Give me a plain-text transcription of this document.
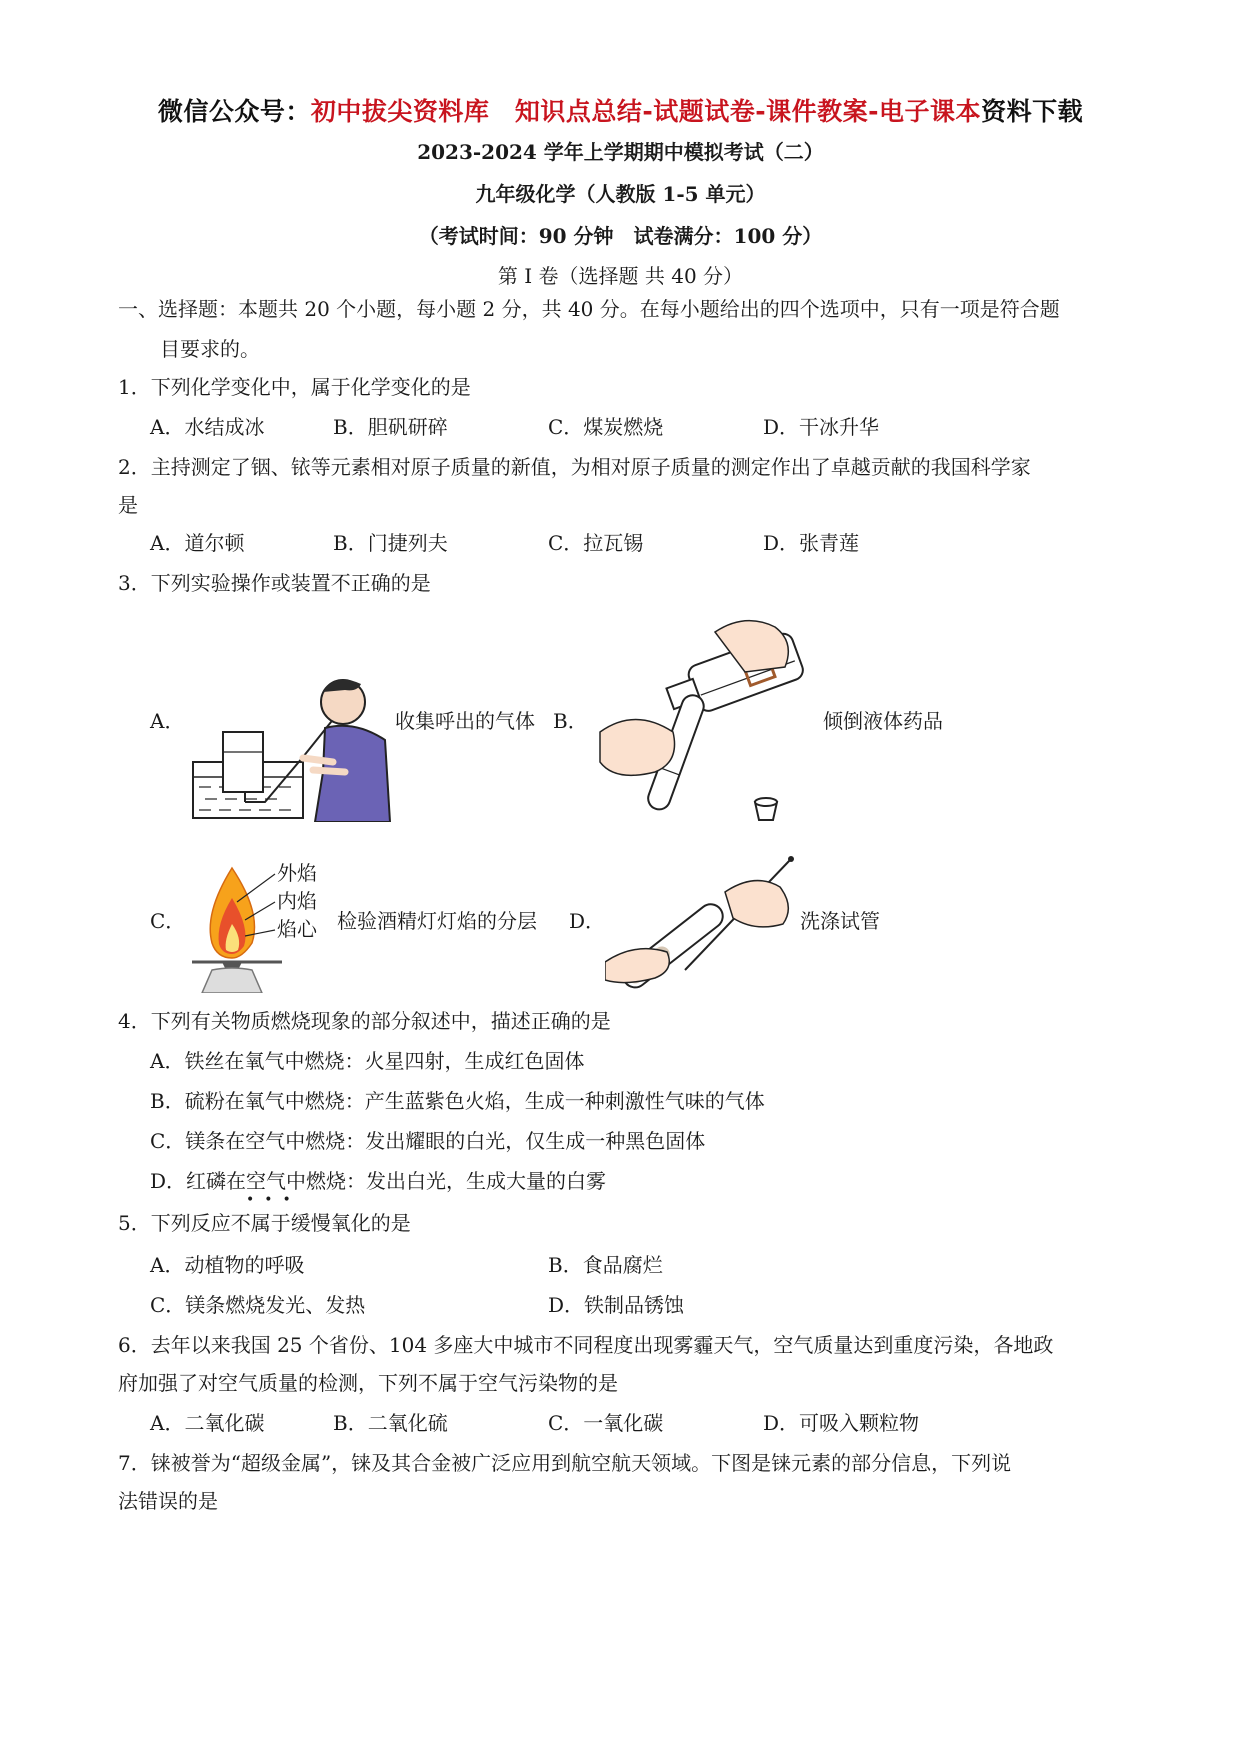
微信公众号：初中拔尖资料库　知识点总结-试题试卷-课件教案-电子课本资料下载
2023-2024 学年上学期期中模拟考试（二）
九年级化学（人教版 1-5 单元）
（考试时间：90 分钟　试卷满分：100 分）
第 I 卷（选择题 共 40 分）
一、选择题：本题共 20 个小题，每小题 2 分，共 40 分。在每小题给出的四个选项中，只有一项是符合题
目要求的。
1．下列化学变化中，属于化学变化的是
A．水结成冰	B．胆矾研碎	C．煤炭燃烧	D．干冰升华
2．主持测定了铟、铱等元素相对原子质量的新值，为相对原子质量的测定作出了卓越贡献的我国科学家
是
A．道尔顿	B．门捷列夫	C．拉瓦锡	D．张青莲
3．下列实验操作或装置不正确的是
A．	收集呼出的气体 B．	倾倒液体药品
C．
外焰
内焰
焰心 检验酒精灯灯焰的分层 D．	洗涤试管
4．下列有关物质燃烧现象的部分叙述中，描述正确的是
A．铁丝在氧气中燃烧：火星四射，生成红色固体
B．硫粉在氧气中燃烧：产生蓝紫色火焰，生成一种刺激性气味的气体
C．镁条在空气中燃烧：发出耀眼的白光，仅生成一种黑色固体
D．红磷在空气中燃烧：发出白光，生成大量的白雾
•••
5．下列反应不属于缓慢氧化的是
A．动植物的呼吸	B．食品腐烂
C．镁条燃烧发光、发热	D．铁制品锈蚀
6．去年以来我国 25 个省份、104 多座大中城市不同程度出现雾霾天气，空气质量达到重度污染，各地政
府加强了对空气质量的检测，下列不属于空气污染物的是
A．二氧化碳	B．二氧化硫	C．一氧化碳	D．可吸入颗粒物
7．铼被誉为“超级金属”，铼及其合金被广泛应用到航空航天领域。下图是铼元素的部分信息，下列说
法错误的是
